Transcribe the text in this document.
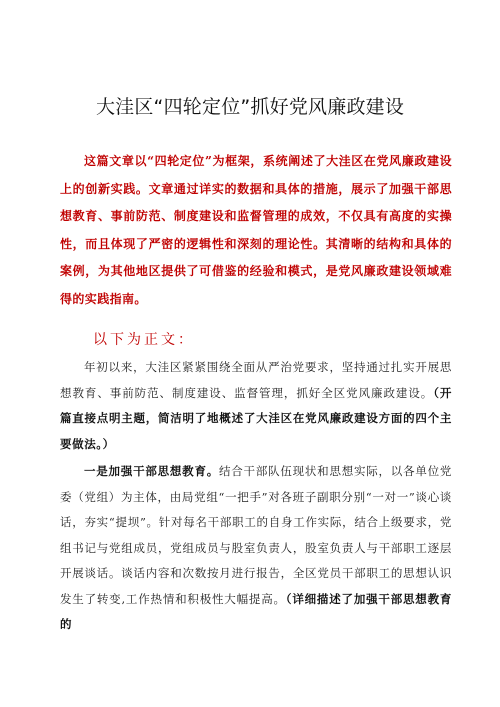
大洼区“四轮定位”抓好党风廉政建设

这篇文章以“四轮定位”为框架，系统阐述了大洼区在党风廉政建设上的创新实践。文章通过详实的数据和具体的措施，展示了加强干部思想教育、事前防范、制度建设和监督管理的成效，不仅具有高度的实操性，而且体现了严密的逻辑性和深刻的理论性。其清晰的结构和具体的案例，为其他地区提供了可借鉴的经验和模式，是党风廉政建设领域难得的实践指南。

以下为正文：

年初以来，大洼区紧紧围绕全面从严治党要求，坚持通过扎实开展思想教育、事前防范、制度建设、监督管理，抓好全区党风廉政建设。（开篇直接点明主题，简洁明了地概述了大洼区在党风廉政建设方面的四个主要做法。）

一是加强干部思想教育。结合干部队伍现状和思想实际，以各单位党委（党组）为主体，由局党组“一把手”对各班子副职分别“一对一”谈心谈话，夯实“提坝”。针对每名干部职工的自身工作实际，结合上级要求，党组书记与党组成员，党组成员与股室负责人，股室负责人与干部职工逐层开展谈话。谈话内容和次数按月进行报告，全区党员干部职工的思想认识发生了转变,工作热情和积极性大幅提高。（详细描述了加强干部思想教育的
